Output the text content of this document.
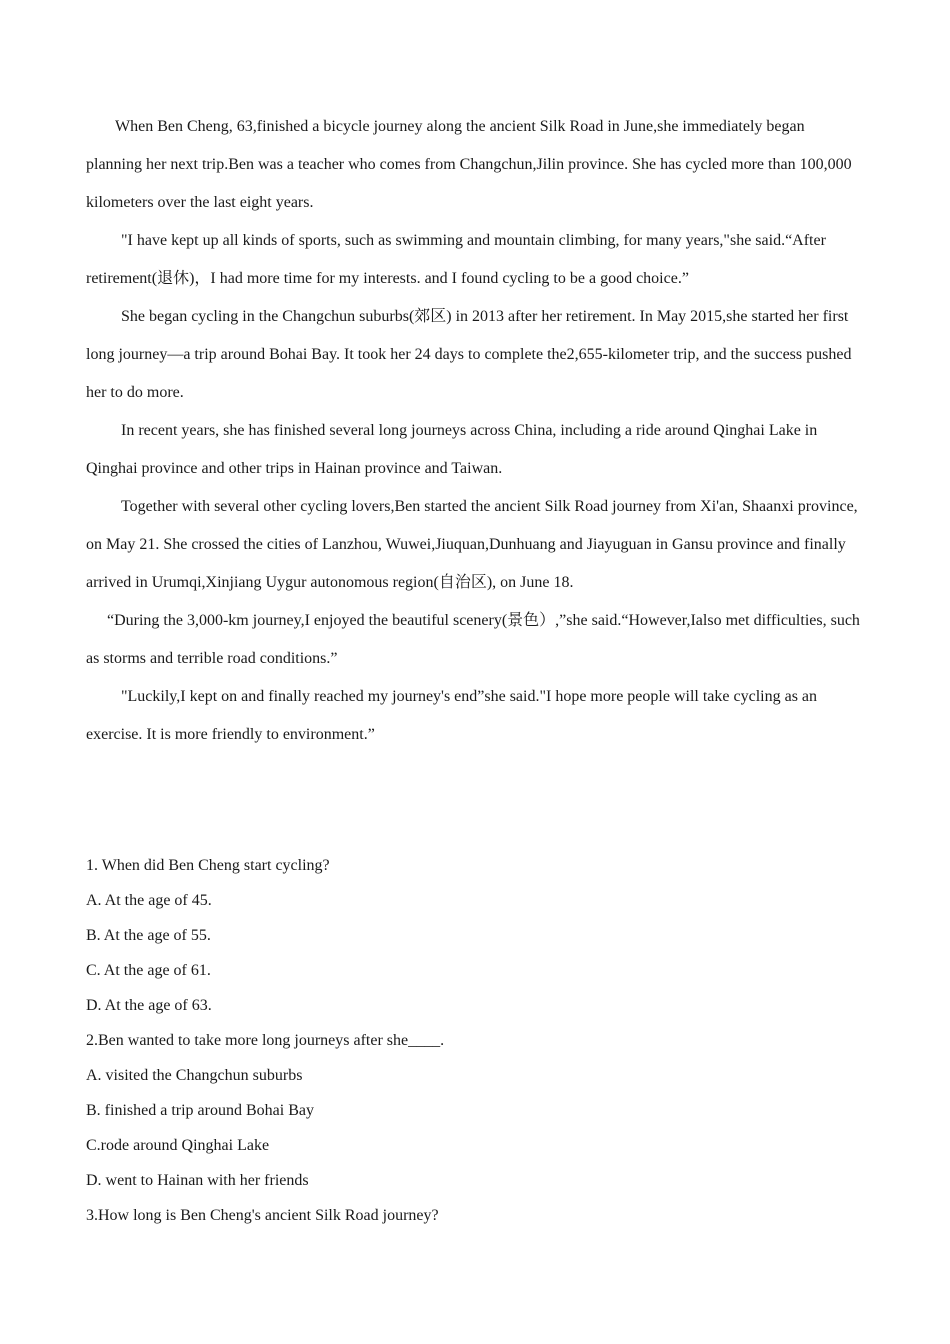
When Ben Cheng, 63,finished a bicycle journey along the ancient Silk Road in June,she immediately began planning her next trip.Ben was a teacher who comes from Changchun,Jilin province. She has cycled more than 100,000 kilometers over the last eight years.

"I have kept up all kinds of sports, such as swimming and mountain climbing, for many years,"she said.“After retirement(退休)，I had more time for my interests. and I found cycling to be a good choice.”

She began cycling in the Changchun suburbs(郊区) in 2013 after her retirement. In May 2015,she started her first long journey—a trip around Bohai Bay. It took her 24 days to complete the2,655-kilometer trip, and the success pushed her to do more.

In recent years, she has finished several long journeys across China, including a ride around Qinghai Lake in Qinghai province and other trips in Hainan province and Taiwan.

Together with several other cycling lovers,Ben started the ancient Silk Road journey from Xi'an, Shaanxi province, on May 21. She crossed the cities of Lanzhou, Wuwei,Jiuquan,Dunhuang and Jiayuguan in Gansu province and finally arrived in Urumqi,Xinjiang Uygur autonomous region(自治区), on June 18.

“During the 3,000-km journey,I enjoyed the beautiful scenery(景色）,”she said.“However,Ialso met difficulties, such as storms and terrible road conditions.”

"Luckily,I kept on and finally reached my journey's end”she said."I hope more people will take cycling as an exercise. It is more friendly to environment.”

1. When did Ben Cheng start cycling?

A. At the age of 45.

B. At the age of 55.

C. At the age of 61.

D. At the age of 63.

2.Ben wanted to take more long journeys after she____.

A. visited the Changchun suburbs

B. finished a trip around Bohai Bay

C.rode around Qinghai Lake

D. went to Hainan with her friends

3.How long is Ben Cheng's ancient Silk Road journey?
